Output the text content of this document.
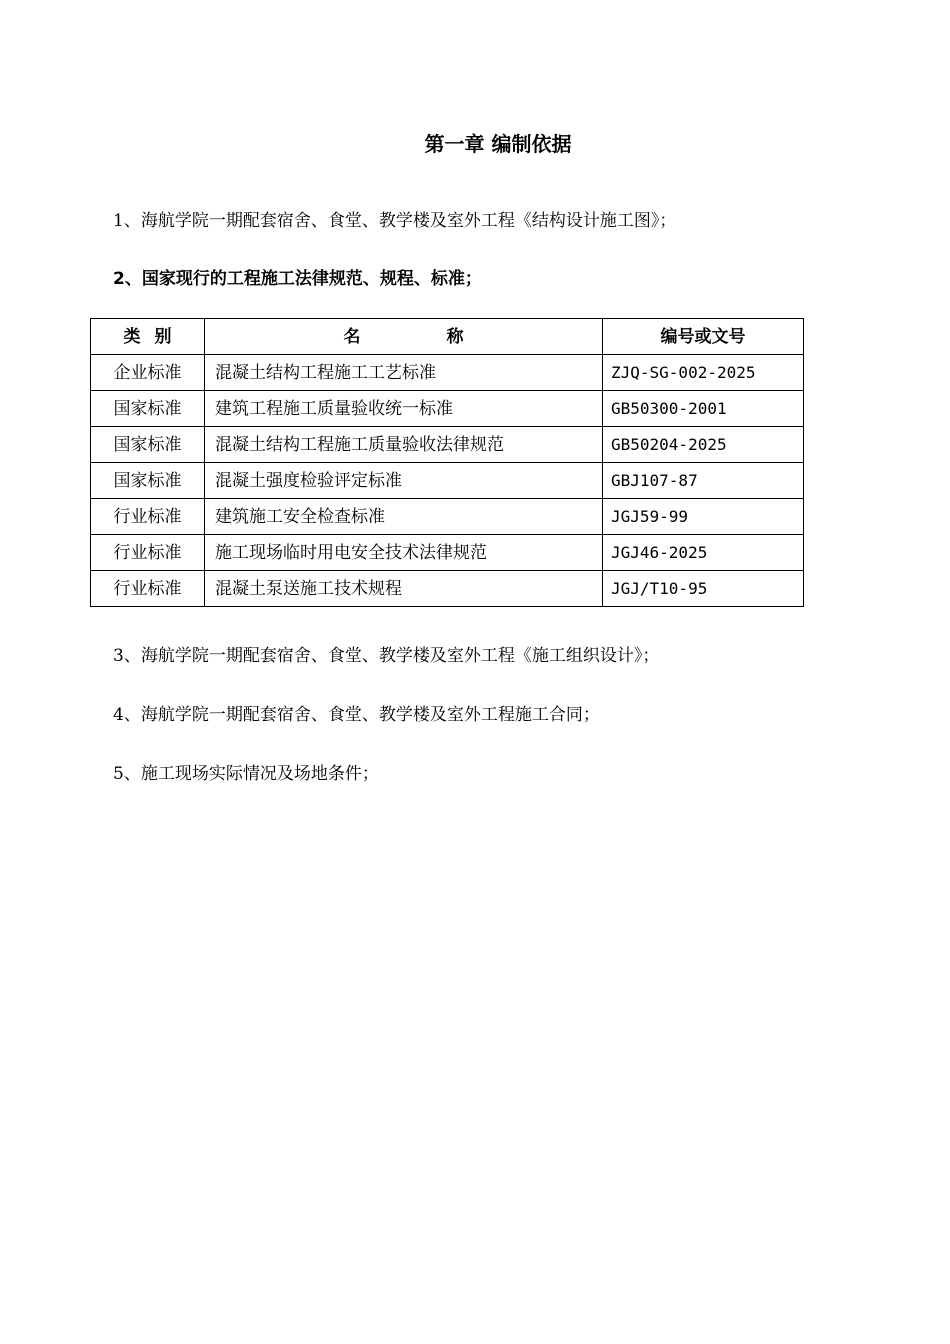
第一章 编制依据
1、海航学院一期配套宿舍、食堂、教学楼及室外工程《结构设计施工图》；
2、国家现行的工程施工法律规范、规程、标准；
类别	名称	编号或文号
企业标准	混凝土结构工程施工工艺标准	ZJQ-SG-002-2025
国家标准	建筑工程施工质量验收统一标准	GB50300-2001
国家标准	混凝土结构工程施工质量验收法律规范	GB50204-2025
国家标准	混凝土强度检验评定标准	GBJ107-87
行业标准	建筑施工安全检查标准	JGJ59-99
行业标准	施工现场临时用电安全技术法律规范	JGJ46-2025
行业标准	混凝土泵送施工技术规程	JGJ/T10-95
3、海航学院一期配套宿舍、食堂、教学楼及室外工程《施工组织设计》；
4、海航学院一期配套宿舍、食堂、教学楼及室外工程施工合同；
5、施工现场实际情况及场地条件；
